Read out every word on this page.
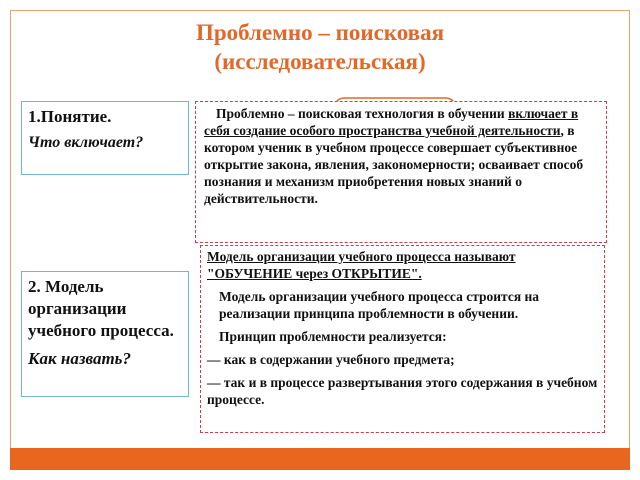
Проблемно – поисковая
(исследовательская)
1.Понятие.
Что включает?
2. Модель организации учебного процесса.
Как назвать?
Проблемно – поисковая технология в обучении включает в себя создание особого пространства учебной деятельности, в котором ученик в учебном процессе совершает субъективное открытие закона, явления, закономерности; осваивает способ познания и механизм приобретения новых знаний о действительности.
Модель организации учебного процесса называют "ОБУЧЕНИЕ через ОТКРЫТИЕ".
Модель организации учебного процесса строится на реализации принципа проблемности в обучении.
Принцип проблемности реализуется:
— как в содержании учебного предмета;
— так и в процессе развертывания этого содержания в учебном процессе.
